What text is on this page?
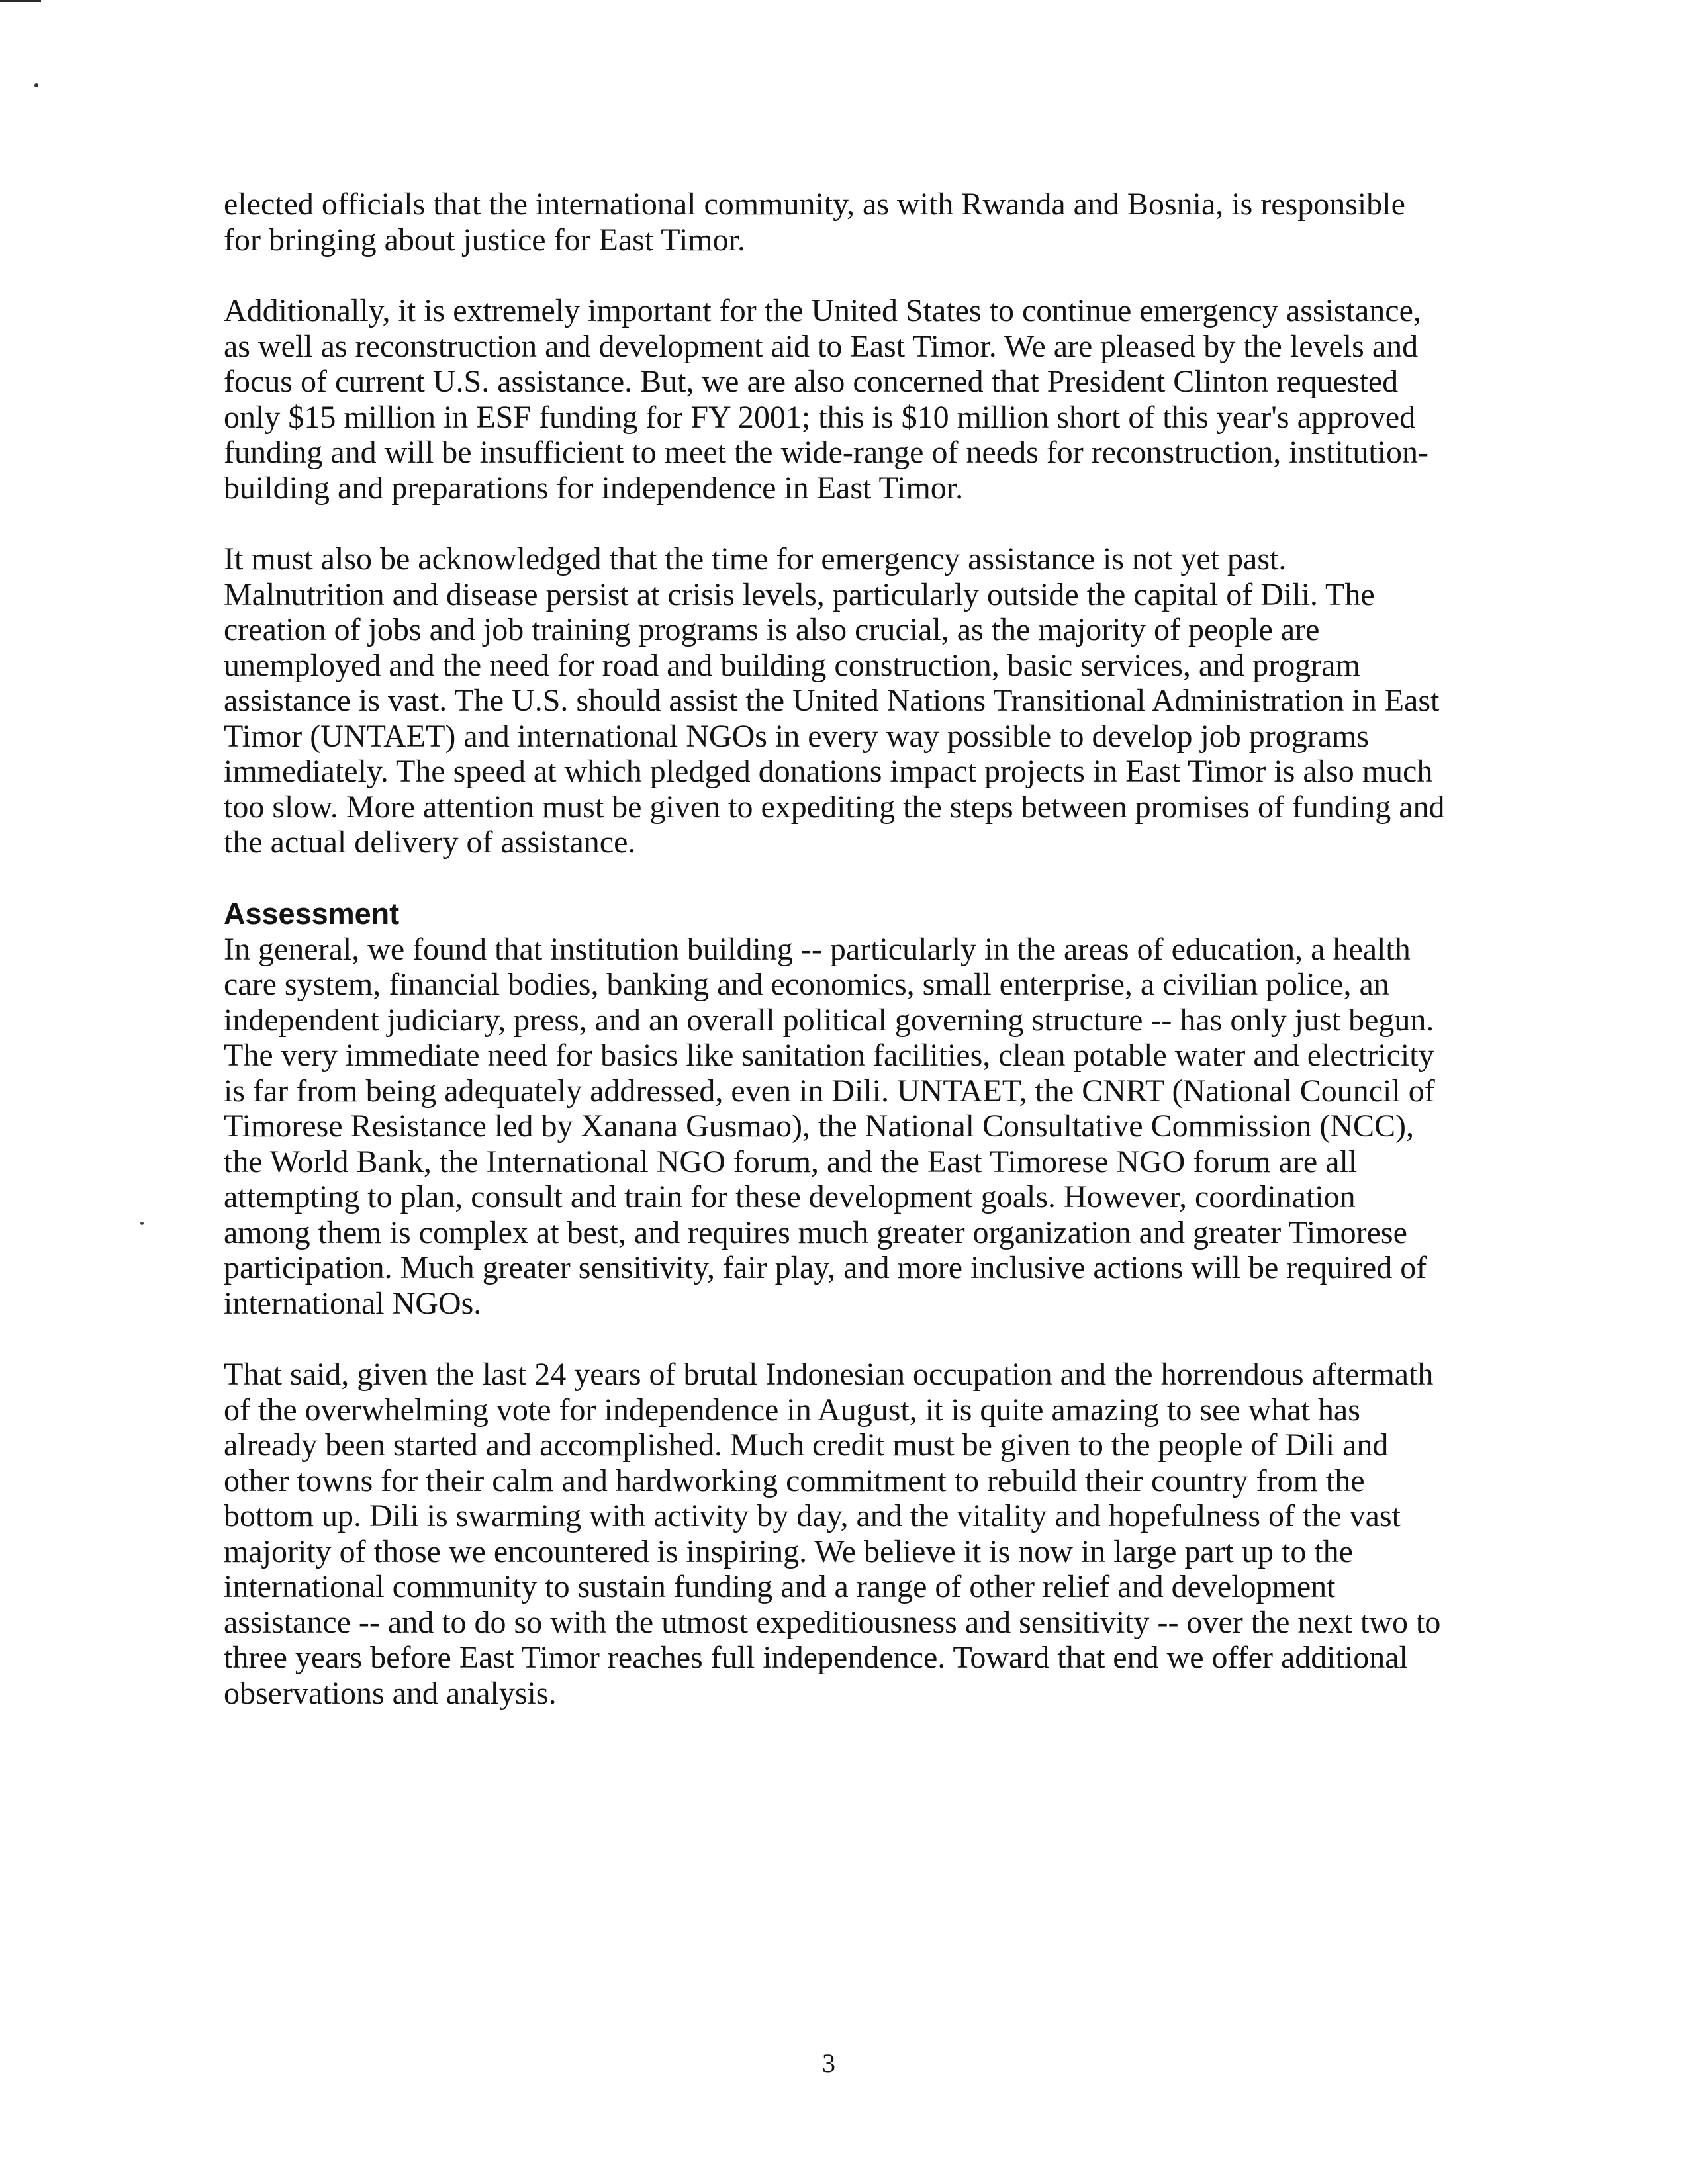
elected officials that the international community, as with Rwanda and Bosnia, is responsible for bringing about justice for East Timor.

Additionally, it is extremely important for the United States to continue emergency assistance, as well as reconstruction and development aid to East Timor. We are pleased by the levels and focus of current U.S. assistance. But, we are also concerned that President Clinton requested only $15 million in ESF funding for FY 2001; this is $10 million short of this year's approved funding and will be insufficient to meet the wide-range of needs for reconstruction, institution-building and preparations for independence in East Timor.

It must also be acknowledged that the time for emergency assistance is not yet past. Malnutrition and disease persist at crisis levels, particularly outside the capital of Dili. The creation of jobs and job training programs is also crucial, as the majority of people are unemployed and the need for road and building construction, basic services, and program assistance is vast. The U.S. should assist the United Nations Transitional Administration in East Timor (UNTAET) and international NGOs in every way possible to develop job programs immediately. The speed at which pledged donations impact projects in East Timor is also much too slow. More attention must be given to expediting the steps between promises of funding and the actual delivery of assistance.

Assessment

In general, we found that institution building -- particularly in the areas of education, a health care system, financial bodies, banking and economics, small enterprise, a civilian police, an independent judiciary, press, and an overall political governing structure -- has only just begun. The very immediate need for basics like sanitation facilities, clean potable water and electricity is far from being adequately addressed, even in Dili. UNTAET, the CNRT (National Council of Timorese Resistance led by Xanana Gusmao), the National Consultative Commission (NCC), the World Bank, the International NGO forum, and the East Timorese NGO forum are all attempting to plan, consult and train for these development goals. However, coordination among them is complex at best, and requires much greater organization and greater Timorese participation. Much greater sensitivity, fair play, and more inclusive actions will be required of international NGOs.

That said, given the last 24 years of brutal Indonesian occupation and the horrendous aftermath of the overwhelming vote for independence in August, it is quite amazing to see what has already been started and accomplished. Much credit must be given to the people of Dili and other towns for their calm and hardworking commitment to rebuild their country from the bottom up. Dili is swarming with activity by day, and the vitality and hopefulness of the vast majority of those we encountered is inspiring. We believe it is now in large part up to the international community to sustain funding and a range of other relief and development assistance -- and to do so with the utmost expeditiousness and sensitivity -- over the next two to three years before East Timor reaches full independence. Toward that end we offer additional observations and analysis.

3
